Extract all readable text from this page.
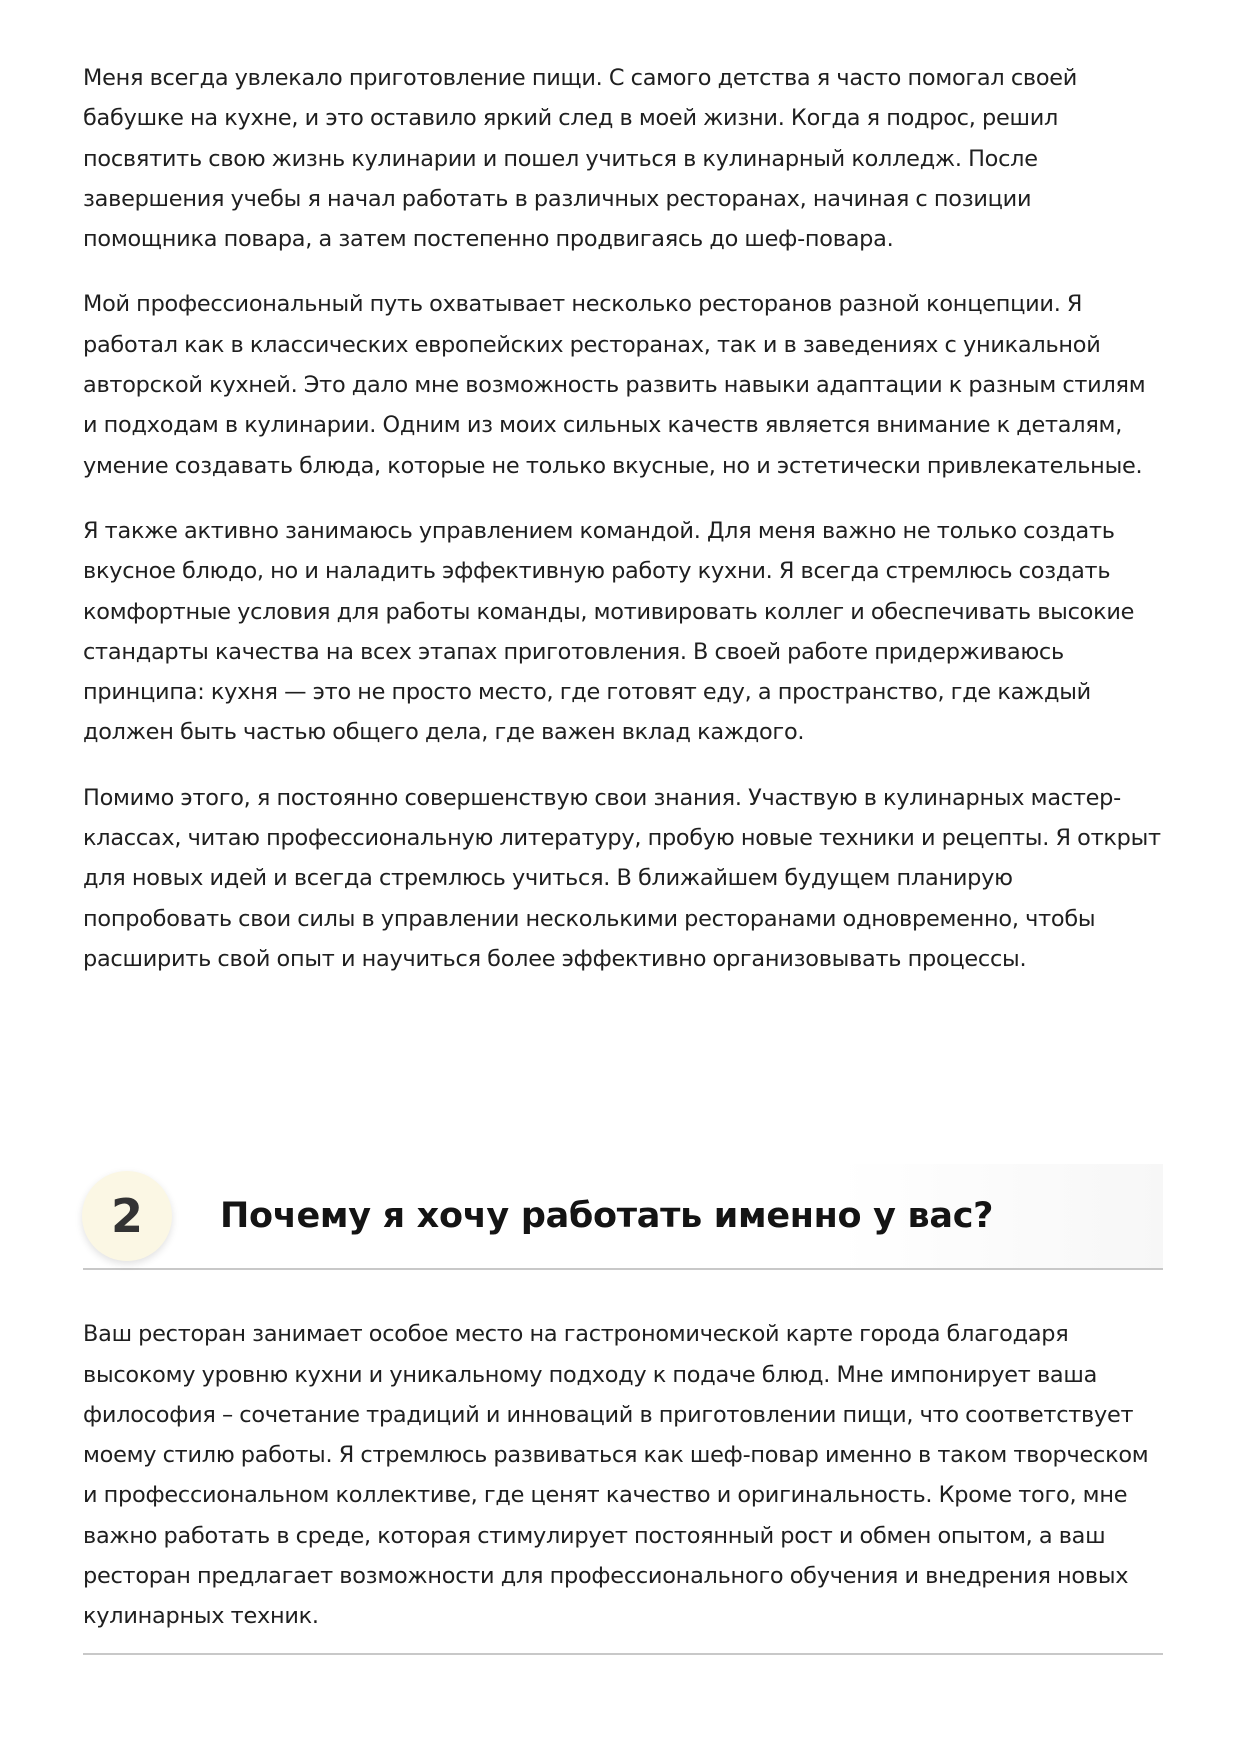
Меня всегда увлекало приготовление пищи. С самого детства я часто помогал своей бабушке на кухне, и это оставило яркий след в моей жизни. Когда я подрос, решил посвятить свою жизнь кулинарии и пошел учиться в кулинарный колледж. После завершения учебы я начал работать в различных ресторанах, начиная с позиции помощника повара, а затем постепенно продвигаясь до шеф-повара.

Мой профессиональный путь охватывает несколько ресторанов разной концепции. Я работал как в классических европейских ресторанах, так и в заведениях с уникальной авторской кухней. Это дало мне возможность развить навыки адаптации к разным стилям и подходам в кулинарии. Одним из моих сильных качеств является внимание к деталям, умение создавать блюда, которые не только вкусные, но и эстетически привлекательные.

Я также активно занимаюсь управлением командой. Для меня важно не только создать вкусное блюдо, но и наладить эффективную работу кухни. Я всегда стремлюсь создать комфортные условия для работы команды, мотивировать коллег и обеспечивать высокие стандарты качества на всех этапах приготовления. В своей работе придерживаюсь принципа: кухня — это не просто место, где готовят еду, а пространство, где каждый должен быть частью общего дела, где важен вклад каждого.

Помимо этого, я постоянно совершенствую свои знания. Участвую в кулинарных мастер-классах, читаю профессиональную литературу, пробую новые техники и рецепты. Я открыт для новых идей и всегда стремлюсь учиться. В ближайшем будущем планирую попробовать свои силы в управлении несколькими ресторанами одновременно, чтобы расширить свой опыт и научиться более эффективно организовывать процессы.

2	Почему я хочу работать именно у вас?

Ваш ресторан занимает особое место на гастрономической карте города благодаря высокому уровню кухни и уникальному подходу к подаче блюд. Мне импонирует ваша философия – сочетание традиций и инноваций в приготовлении пищи, что соответствует моему стилю работы. Я стремлюсь развиваться как шеф-повар именно в таком творческом и профессиональном коллективе, где ценят качество и оригинальность. Кроме того, мне важно работать в среде, которая стимулирует постоянный рост и обмен опытом, а ваш ресторан предлагает возможности для профессионального обучения и внедрения новых кулинарных техник.
